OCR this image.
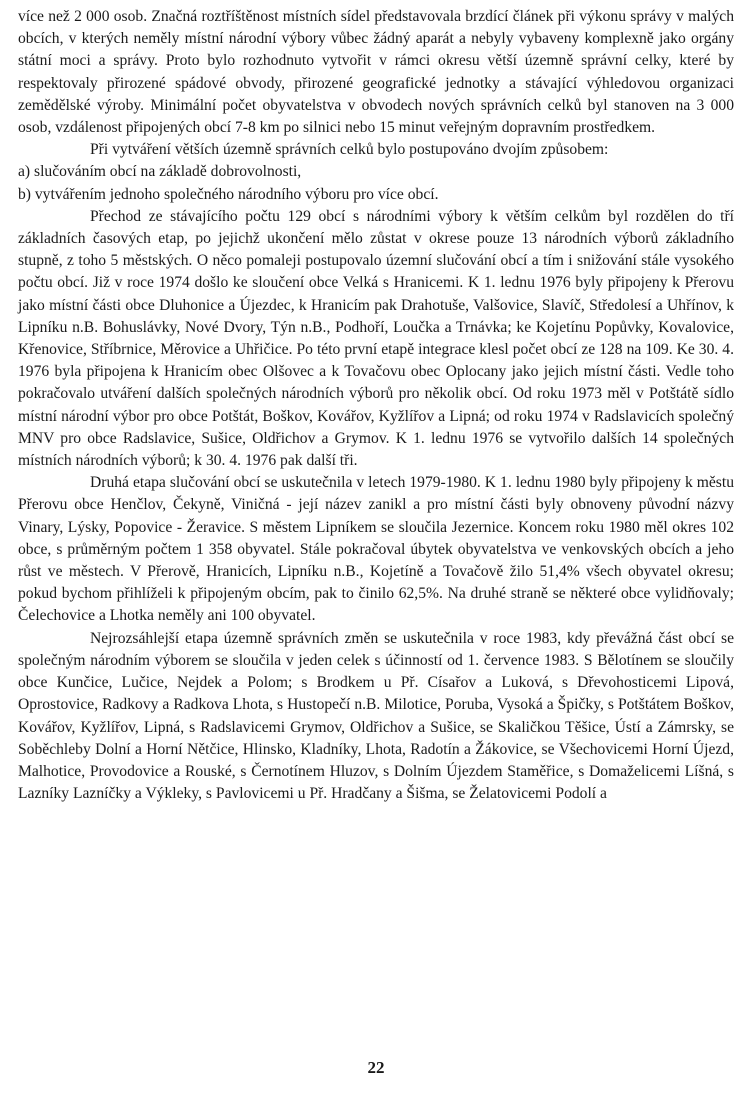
více než 2 000 osob. Značná roztříštěnost místních sídel představovala brzdící článek při výkonu správy v malých obcích, v kterých neměly místní národní výbory vůbec žádný aparát a nebyly vybaveny komplexně jako orgány státní moci a správy. Proto bylo rozhodnuto vytvořit v rámci okresu větší územně správní celky, které by respektovaly přirozené spádové obvody, přirozené geografické jednotky a stávající výhledovou organizaci zemědělské výroby. Minimální počet obyvatelstva v obvodech nových správních celků byl stanoven na 3 000 osob, vzdálenost připojených obcí 7-8 km po silnici nebo 15 minut veřejným dopravním prostředkem.

Při vytváření větších územně správních celků bylo postupováno dvojím způsobem:

a) slučováním obcí na základě dobrovolnosti,

b) vytvářením jednoho společného národního výboru pro více obcí.

Přechod ze stávajícího počtu 129 obcí s národními výbory k větším celkům byl rozdělen do tří základních časových etap, po jejichž ukončení mělo zůstat v okrese pouze 13 národních výborů základního stupně, z toho 5 městských. O něco pomaleji postupovalo územní slučování obcí a tím i snižování stále vysokého počtu obcí. Již v roce 1974 došlo ke sloučení obce Velká s Hranicemi. K 1. lednu 1976 byly připojeny k Přerovu jako místní části obce Dluhonice a Újezdec, k Hranicím pak Drahotuše, Valšovice, Slavíč, Středolesí a Uhřínov, k Lipníku n.B. Bohuslávky, Nové Dvory, Týn n.B., Podhoří, Loučka a Trnávka; ke Kojetínu Popůvky, Kovalovice, Křenovice, Stříbrnice, Měrovice a Uhřičice. Po této první etapě integrace klesl počet obcí ze 128 na 109. Ke 30. 4. 1976 byla připojena k Hranicím obec Olšovec a k Tovačovu obec Oplocany jako jejich místní části. Vedle toho pokračovalo utváření dalších společných národních výborů pro několik obcí. Od roku 1973 měl v Potštátě sídlo místní národní výbor pro obce Potštát, Boškov, Kovářov, Kyžlířov a Lipná; od roku 1974 v Radslavicích společný MNV pro obce Radslavice, Sušice, Oldřichov a Grymov. K 1. lednu 1976 se vytvořilo dalších 14 společných místních národních výborů; k 30. 4. 1976 pak další tři.

Druhá etapa slučování obcí se uskutečnila v letech 1979-1980. K 1. lednu 1980 byly připojeny k městu Přerovu obce Henčlov, Čekyně, Viničná - její název zanikl a pro místní části byly obnoveny původní názvy Vinary, Lýsky, Popovice - Žeravice. S městem Lipníkem se sloučila Jezernice. Koncem roku 1980 měl okres 102 obce, s průměrným počtem 1 358 obyvatel. Stále pokračoval úbytek obyvatelstva ve venkovských obcích a jeho růst ve městech. V Přerově, Hranicích, Lipníku n.B., Kojetíně a Tovačově žilo 51,4% všech obyvatel okresu; pokud bychom přihlíželi k připojeným obcím, pak to činilo 62,5%. Na druhé straně se některé obce vylidňovaly; Čelechovice a Lhotka neměly ani 100 obyvatel.

Nejrozsáhlejší etapa územně správních změn se uskutečnila v roce 1983, kdy převážná část obcí se společným národním výborem se sloučila v jeden celek s účinností od 1. července 1983. S Bělotínem se sloučily obce Kunčice, Lučice, Nejdek a Polom; s Brodkem u Př. Císařov a Luková, s Dřevohosticemi Lipová, Oprostovice, Radkovy a Radkova Lhota, s Hustopečí n.B. Milotice, Poruba, Vysoká a Špičky, s Potštátem Boškov, Kovářov, Kyžlířov, Lipná, s Radslavicemi Grymov, Oldřichov a Sušice, se Skaličkou Těšice, Ústí a Zámrsky, se Soběchleby Dolní a Horní Nětčice, Hlinsko, Kladníky, Lhota, Radotín a Žákovice, se Všechovicemi Horní Újezd, Malhotice, Provodovice a Rouské, s Černotínem Hluzov, s Dolním Újezdem Staměřice, s Domaželicemi Líšná, s Lazníky Lazníčky a Výkleky, s Pavlovicemi u Př. Hradčany a Šišma, se Želatovicemi Podolí a

22
